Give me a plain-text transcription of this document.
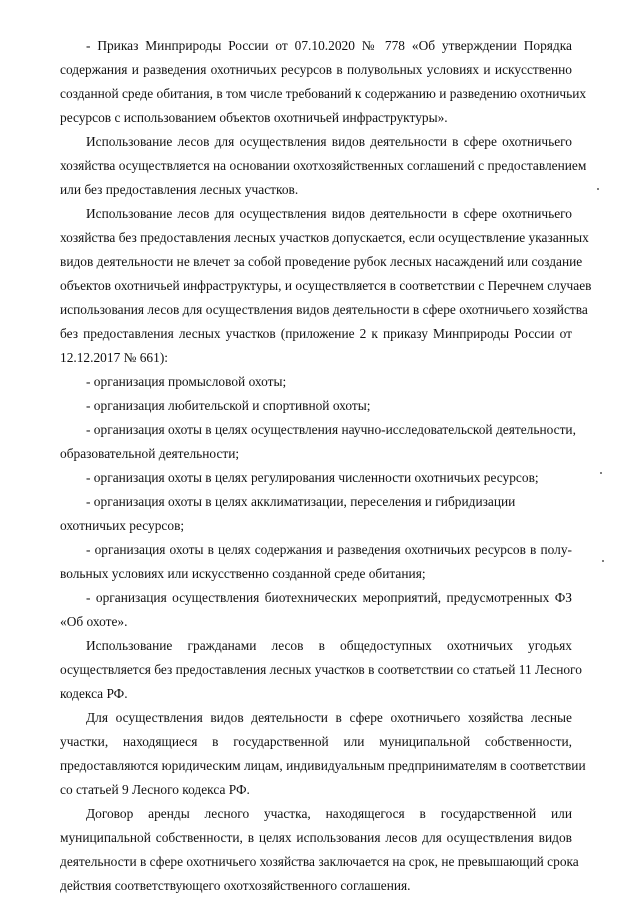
- Приказ Минприроды России от 07.10.2020 № 778 «Об утверждении Порядка
содержания и разведения охотничьих ресурсов в полувольных условиях и искусственно
созданной среде обитания, в том числе требований к содержанию и разведению охотничьих
ресурсов с использованием объектов охотничьей инфраструктуры».
Использование лесов для осуществления видов деятельности в сфере охотничьего
хозяйства осуществляется на основании охотхозяйственных соглашений с предоставлением
или без предоставления лесных участков.
Использование лесов для осуществления видов деятельности в сфере охотничьего
хозяйства без предоставления лесных участков допускается, если осуществление указанных
видов деятельности не влечет за собой проведение рубок лесных насаждений или создание
объектов охотничьей инфраструктуры, и осуществляется в соответствии с Перечнем случаев
использования лесов для осуществления видов деятельности в сфере охотничьего хозяйства
без предоставления лесных участков (приложение 2 к приказу Минприроды России от
12.12.2017 № 661):
- организация промысловой охоты;
- организация любительской и спортивной охоты;
- организация охоты в целях осуществления научно-исследовательской деятельности,
образовательной деятельности;
- организация охоты в целях регулирования численности охотничьих ресурсов;
- организация охоты в целях акклиматизации, переселения и гибридизации
охотничьих ресурсов;
- организация охоты в целях содержания и разведения охотничьих ресурсов в полу-
вольных условиях или искусственно созданной среде обитания;
- организация осуществления биотехнических мероприятий, предусмотренных ФЗ
«Об охоте».
Использование гражданами лесов в общедоступных охотничьих угодьях
осуществляется без предоставления лесных участков в соответствии со статьей 11 Лесного
кодекса РФ.
Для осуществления видов деятельности в сфере охотничьего хозяйства лесные
участки, находящиеся в государственной или муниципальной собственности,
предоставляются юридическим лицам, индивидуальным предпринимателям в соответствии
со статьей 9 Лесного кодекса РФ.
Договор аренды лесного участка, находящегося в государственной или
муниципальной собственности, в целях использования лесов для осуществления видов
деятельности в сфере охотничьего хозяйства заключается на срок, не превышающий срока
действия соответствующего охотхозяйственного соглашения.
